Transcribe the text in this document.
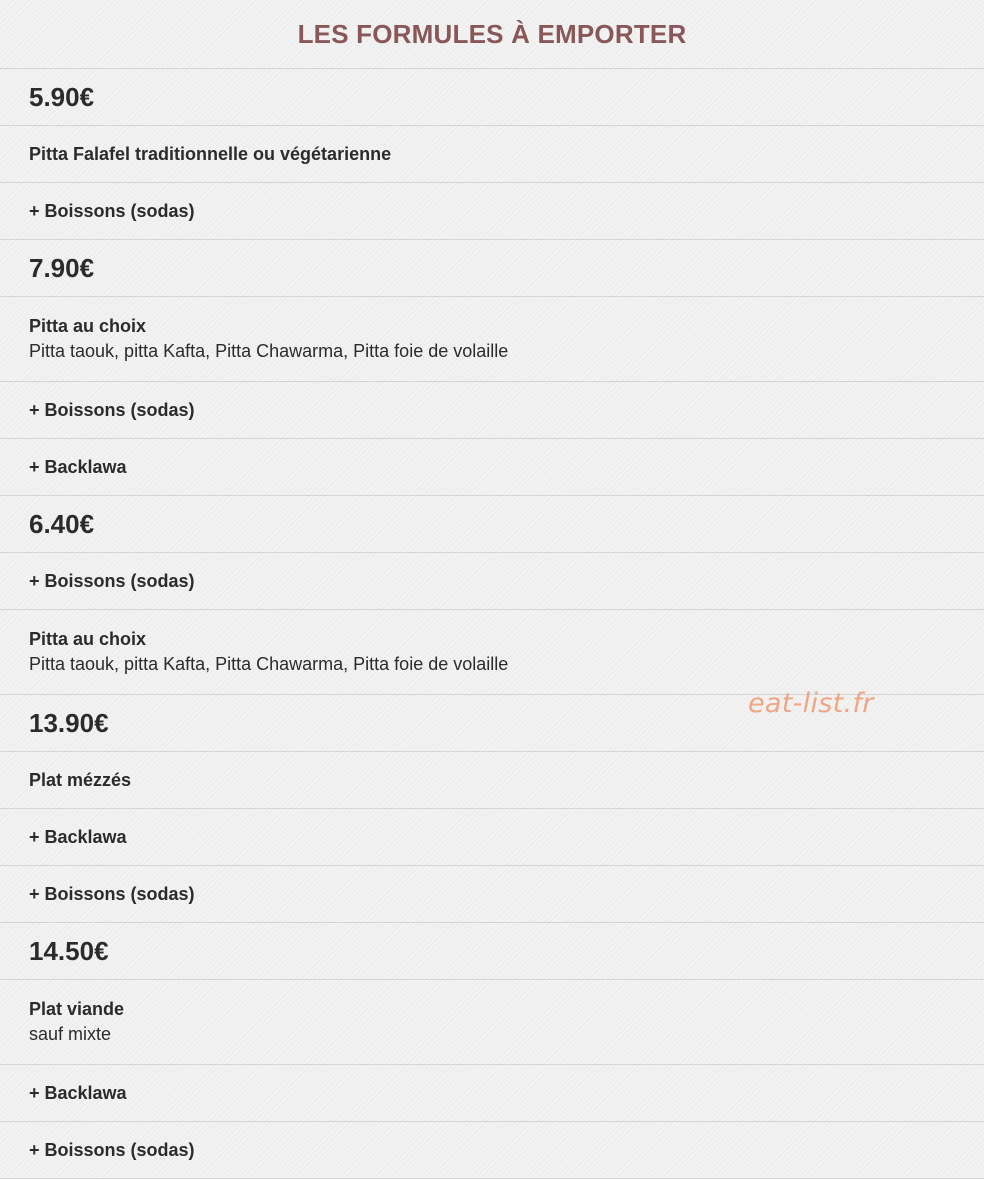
LES FORMULES À EMPORTER
5.90€
Pitta Falafel traditionnelle ou végétarienne
+ Boissons (sodas)
7.90€
Pitta au choix
Pitta taouk, pitta Kafta, Pitta Chawarma, Pitta foie de volaille
+ Boissons (sodas)
+ Backlawa
6.40€
+ Boissons (sodas)
Pitta au choix
Pitta taouk, pitta Kafta, Pitta Chawarma, Pitta foie de volaille
13.90€
Plat mézzés
+ Backlawa
+ Boissons (sodas)
14.50€
Plat viande
sauf mixte
+ Backlawa
+ Boissons (sodas)
eat-list.fr
